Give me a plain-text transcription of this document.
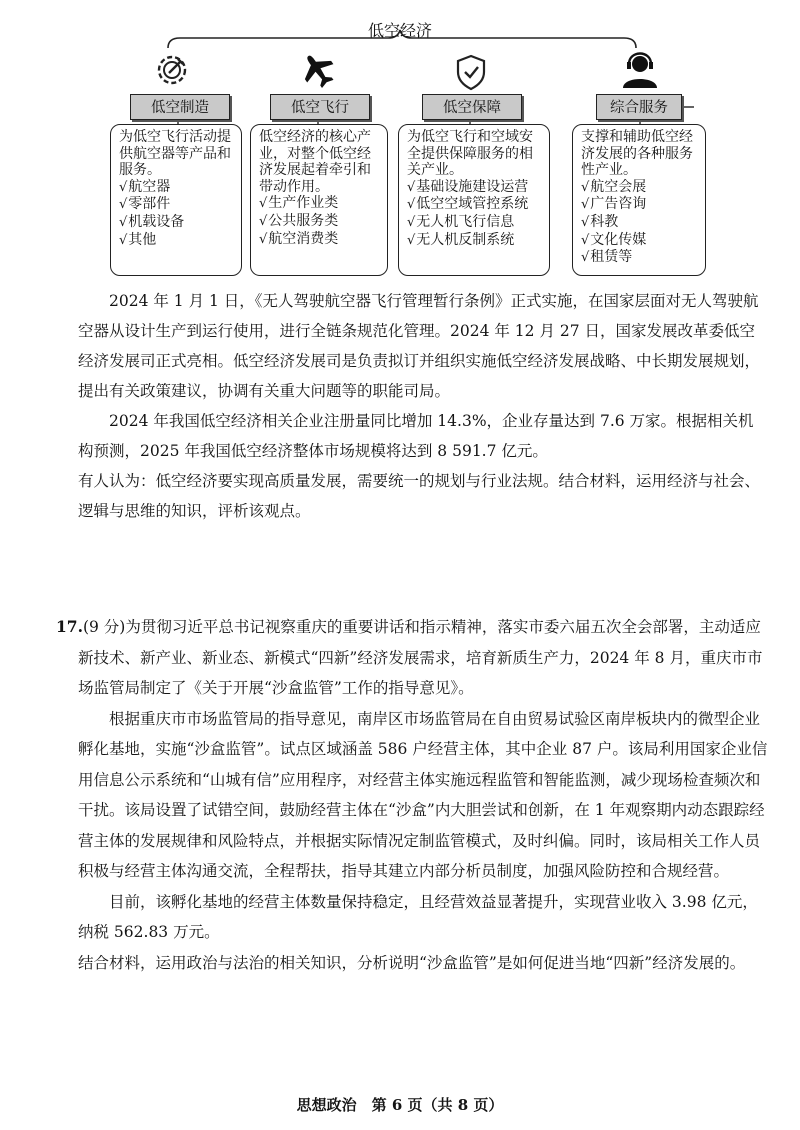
低空经济
低空制造	低空飞行	低空保障	综合服务

为低空飞行活动提供航空器等产品和服务。

√航空器
√零部件
√机载设备
√其他

低空经济的核心产业，对整个低空经济发展起着牵引和带动作用。

√生产作业类
√公共服务类
√航空消费类

为低空飞行和空域安全提供保障服务的相关产业。

√基础设施建设运营
√低空空域管控系统
√无人机飞行信息
√无人机反制系统

支撑和辅助低空经济发展的各种服务性产业。

√航空会展
√广告咨询
√科教
√文化传媒
√租赁等

2024 年 1 月 1 日，《无人驾驶航空器飞行管理暂行条例》正式实施，在国家层面对无人驾驶航空器从设计生产到运行使用，进行全链条规范化管理。2024 年 12 月 27 日，国家发展改革委低空经济发展司正式亮相。低空经济发展司是负责拟订并组织实施低空经济发展战略、中长期发展规划，提出有关政策建议，协调有关重大问题等的职能司局。

2024 年我国低空经济相关企业注册量同比增加 14.3%，企业存量达到 7.6 万家。根据相关机构预测，2025 年我国低空经济整体市场规模将达到 8 591.7 亿元。

有人认为：低空经济要实现高质量发展，需要统一的规划与行业法规。结合材料，运用经济与社会、逻辑与思维的知识，评析该观点。

17.(9 分)为贯彻习近平总书记视察重庆的重要讲话和指示精神，落实市委六届五次全会部署，主动适应新技术、新产业、新业态、新模式“四新”经济发展需求，培育新质生产力，2024 年 8 月，重庆市市场监管局制定了《关于开展“沙盒监管”工作的指导意见》。

根据重庆市市场监管局的指导意见，南岸区市场监管局在自由贸易试验区南岸板块内的微型企业孵化基地，实施“沙盒监管”。试点区域涵盖 586 户经营主体，其中企业 87 户。该局利用国家企业信用信息公示系统和“山城有信”应用程序，对经营主体实施远程监管和智能监测，减少现场检查频次和干扰。该局设置了试错空间，鼓励经营主体在“沙盒”内大胆尝试和创新，在 1 年观察期内动态跟踪经营主体的发展规律和风险特点，并根据实际情况定制监管模式，及时纠偏。同时，该局相关工作人员积极与经营主体沟通交流，全程帮扶，指导其建立内部分析员制度，加强风险防控和合规经营。

目前，该孵化基地的经营主体数量保持稳定，且经营效益显著提升，实现营业收入 3.98 亿元，纳税 562.83 万元。

结合材料，运用政治与法治的相关知识，分析说明“沙盒监管”是如何促进当地“四新”经济发展的。

思想政治　第 6 页（共 8 页）
